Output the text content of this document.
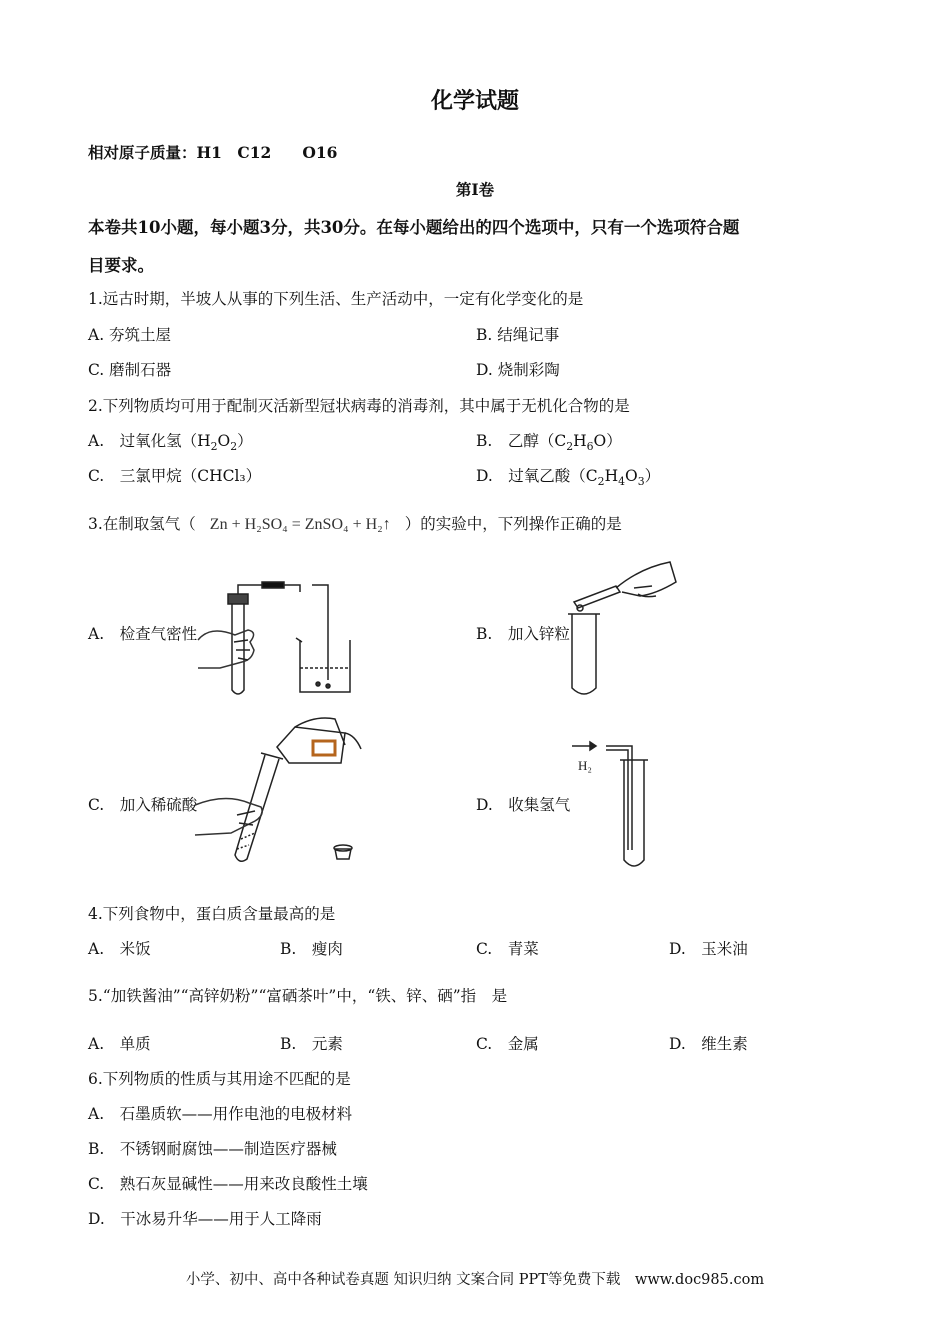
化学试题
相对原子质量：H1　C12　　O16
第Ⅰ卷
本卷共10小题，每小题3分，共30分。在每小题给出的四个选项中，只有一个选项符合题
目要求。
1.远古时期，半坡人从事的下列生活、生产活动中，一定有化学变化的是
A. 夯筑土屋	B. 结绳记事
C. 磨制石器	D. 烧制彩陶
2.下列物质均可用于配制灭活新型冠状病毒的消毒剂，其中属于无机化合物的是
A.　过氧化氢$(H_2O_2)$	B.　乙醇$(C_2H_6O)$
C.　三氯甲烷（CHCl₃）	D.　过氧乙酸$(C_2H_4O_3)$
3.在制取氢气（ Zn + H₂SO₄ = ZnSO₄ + H₂↑ ）的实验中，下列操作正确的是
A.　检查气密性	B.　加入锌粒
C.　加入稀硫酸	D.　收集氢气
H₂
4.下列食物中，蛋白质含量最高的是
A.　米饭	B.　瘦肉	C.　青菜	D.　玉米油
5.“加铁酱油”“高锌奶粉”“富硒茶叶”中，“铁、锌、硒”指　是
A.　单质	B.　元素	C.　金属	D.　维生素
6.下列物质的性质与其用途不匹配的是
A.　石墨质软——用作电池的电极材料
B.　不锈钢耐腐蚀——制造医疗器械
C.　熟石灰显碱性——用来改良酸性土壤
D.　干冰易升华——用于人工降雨
小学、初中、高中各种试卷真题 知识归纳 文案合同 PPT等免费下载　www.doc985.com
